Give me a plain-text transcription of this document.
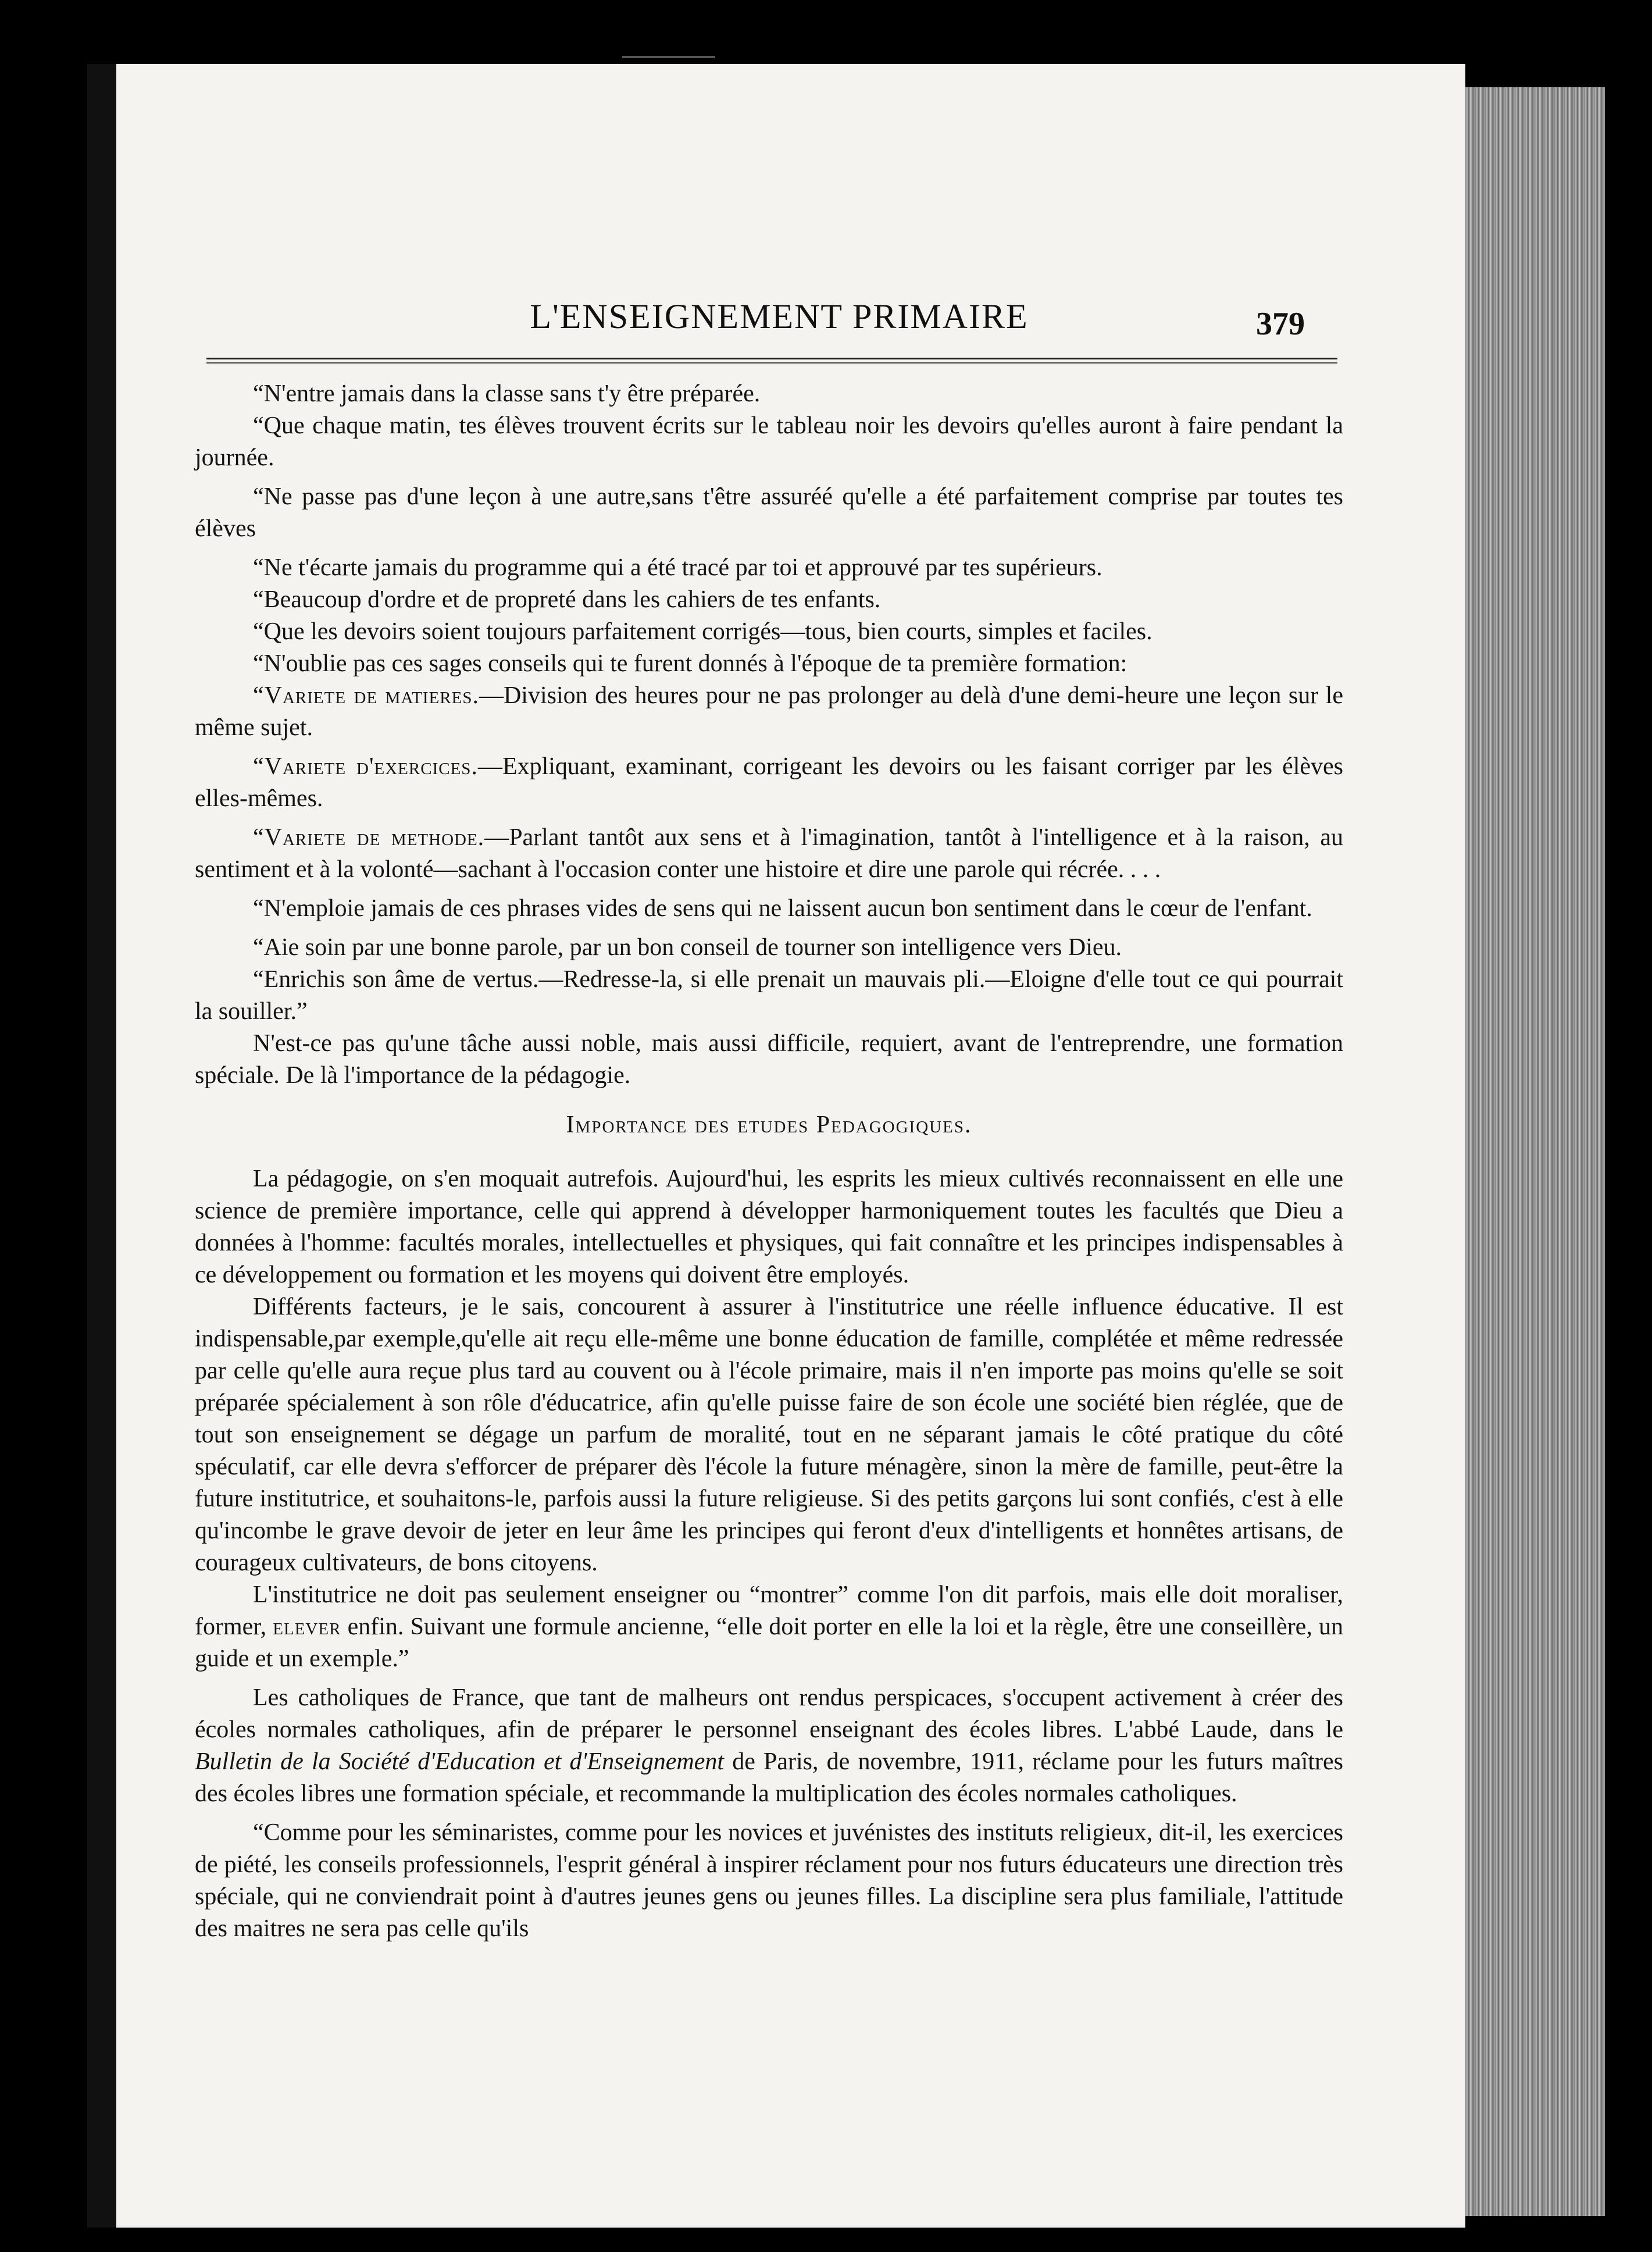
L'ENSEIGNEMENT PRIMAIRE	379

“N'entre jamais dans la classe sans t'y être préparée.

“Que chaque matin, tes élèves trouvent écrits sur le tableau noir les devoirs qu'elles auront à faire pendant la journée.

“Ne passe pas d'une leçon à une autre,sans t'être assuréé qu'elle a été parfaitement comprise par toutes tes élèves

“Ne t'écarte jamais du programme qui a été tracé par toi et approuvé par tes supérieurs.

“Beaucoup d'ordre et de propreté dans les cahiers de tes enfants.

“Que les devoirs soient toujours parfaitement corrigés—tous, bien courts, simples et faciles.

“N'oublie pas ces sages conseils qui te furent donnés à l'époque de ta première formation:

“Variete de matieres.—Division des heures pour ne pas prolonger au delà d'une demi-heure une leçon sur le même sujet.

“Variete d'exercices.—Expliquant, examinant, corrigeant les devoirs ou les faisant corriger par les élèves elles-mêmes.

“Variete de methode.—Parlant tantôt aux sens et à l'imagination, tantôt à l'intelligence et à la raison, au sentiment et à la volonté—sachant à l'occasion conter une histoire et dire une parole qui récrée. . . .

“N'emploie jamais de ces phrases vides de sens qui ne laissent aucun bon sentiment dans le cœur de l'enfant.

“Aie soin par une bonne parole, par un bon conseil de tourner son intelligence vers Dieu.

“Enrichis son âme de vertus.—Redresse-la, si elle prenait un mauvais pli.—Eloigne d'elle tout ce qui pourrait la souiller.”

N'est-ce pas qu'une tâche aussi noble, mais aussi difficile, requiert, avant de l'entreprendre, une formation spéciale. De là l'importance de la pédagogie.

Importance des etudes Pedagogiques.

La pédagogie, on s'en moquait autrefois. Aujourd'hui, les esprits les mieux cultivés reconnaissent en elle une science de première importance, celle qui apprend à développer harmoniquement toutes les facultés que Dieu a données à l'homme: facultés morales, intellectuelles et physiques, qui fait connaître et les principes indispensables à ce développement ou formation et les moyens qui doivent être employés.

Différents facteurs, je le sais, concourent à assurer à l'institutrice une réelle influence éducative. Il est indispensable,par exemple,qu'elle ait reçu elle-même une bonne éducation de famille, complétée et même redressée par celle qu'elle aura reçue plus tard au couvent ou à l'école primaire, mais il n'en importe pas moins qu'elle se soit préparée spécialement à son rôle d'éducatrice, afin qu'elle puisse faire de son école une société bien réglée, que de tout son enseignement se dégage un parfum de moralité, tout en ne séparant jamais le côté pratique du côté spéculatif, car elle devra s'efforcer de préparer dès l'école la future ménagère, sinon la mère de famille, peut-être la future institutrice, et souhaitons-le, parfois aussi la future religieuse. Si des petits garçons lui sont confiés, c'est à elle qu'incombe le grave devoir de jeter en leur âme les principes qui feront d'eux d'intelligents et honnêtes artisans, de courageux cultivateurs, de bons citoyens.

L'institutrice ne doit pas seulement enseigner ou “montrer” comme l'on dit parfois, mais elle doit moraliser, former, elever enfin. Suivant une formule ancienne, “elle doit porter en elle la loi et la règle, être une conseillère, un guide et un exemple.”

Les catholiques de France, que tant de malheurs ont rendus perspicaces, s'occupent activement à créer des écoles normales catholiques, afin de préparer le personnel enseignant des écoles libres. L'abbé Laude, dans le Bulletin de la Société d'Education et d'Enseignement de Paris, de novembre, 1911, réclame pour les futurs maîtres des écoles libres une formation spéciale, et recommande la multiplication des écoles normales catholiques.

“Comme pour les séminaristes, comme pour les novices et juvénistes des instituts religieux, dit-il, les exercices de piété, les conseils professionnels, l'esprit général à inspirer réclament pour nos futurs éducateurs une direction très spéciale, qui ne conviendrait point à d'autres jeunes gens ou jeunes filles. La discipline sera plus familiale, l'attitude des maitres ne sera pas celle qu'ils
